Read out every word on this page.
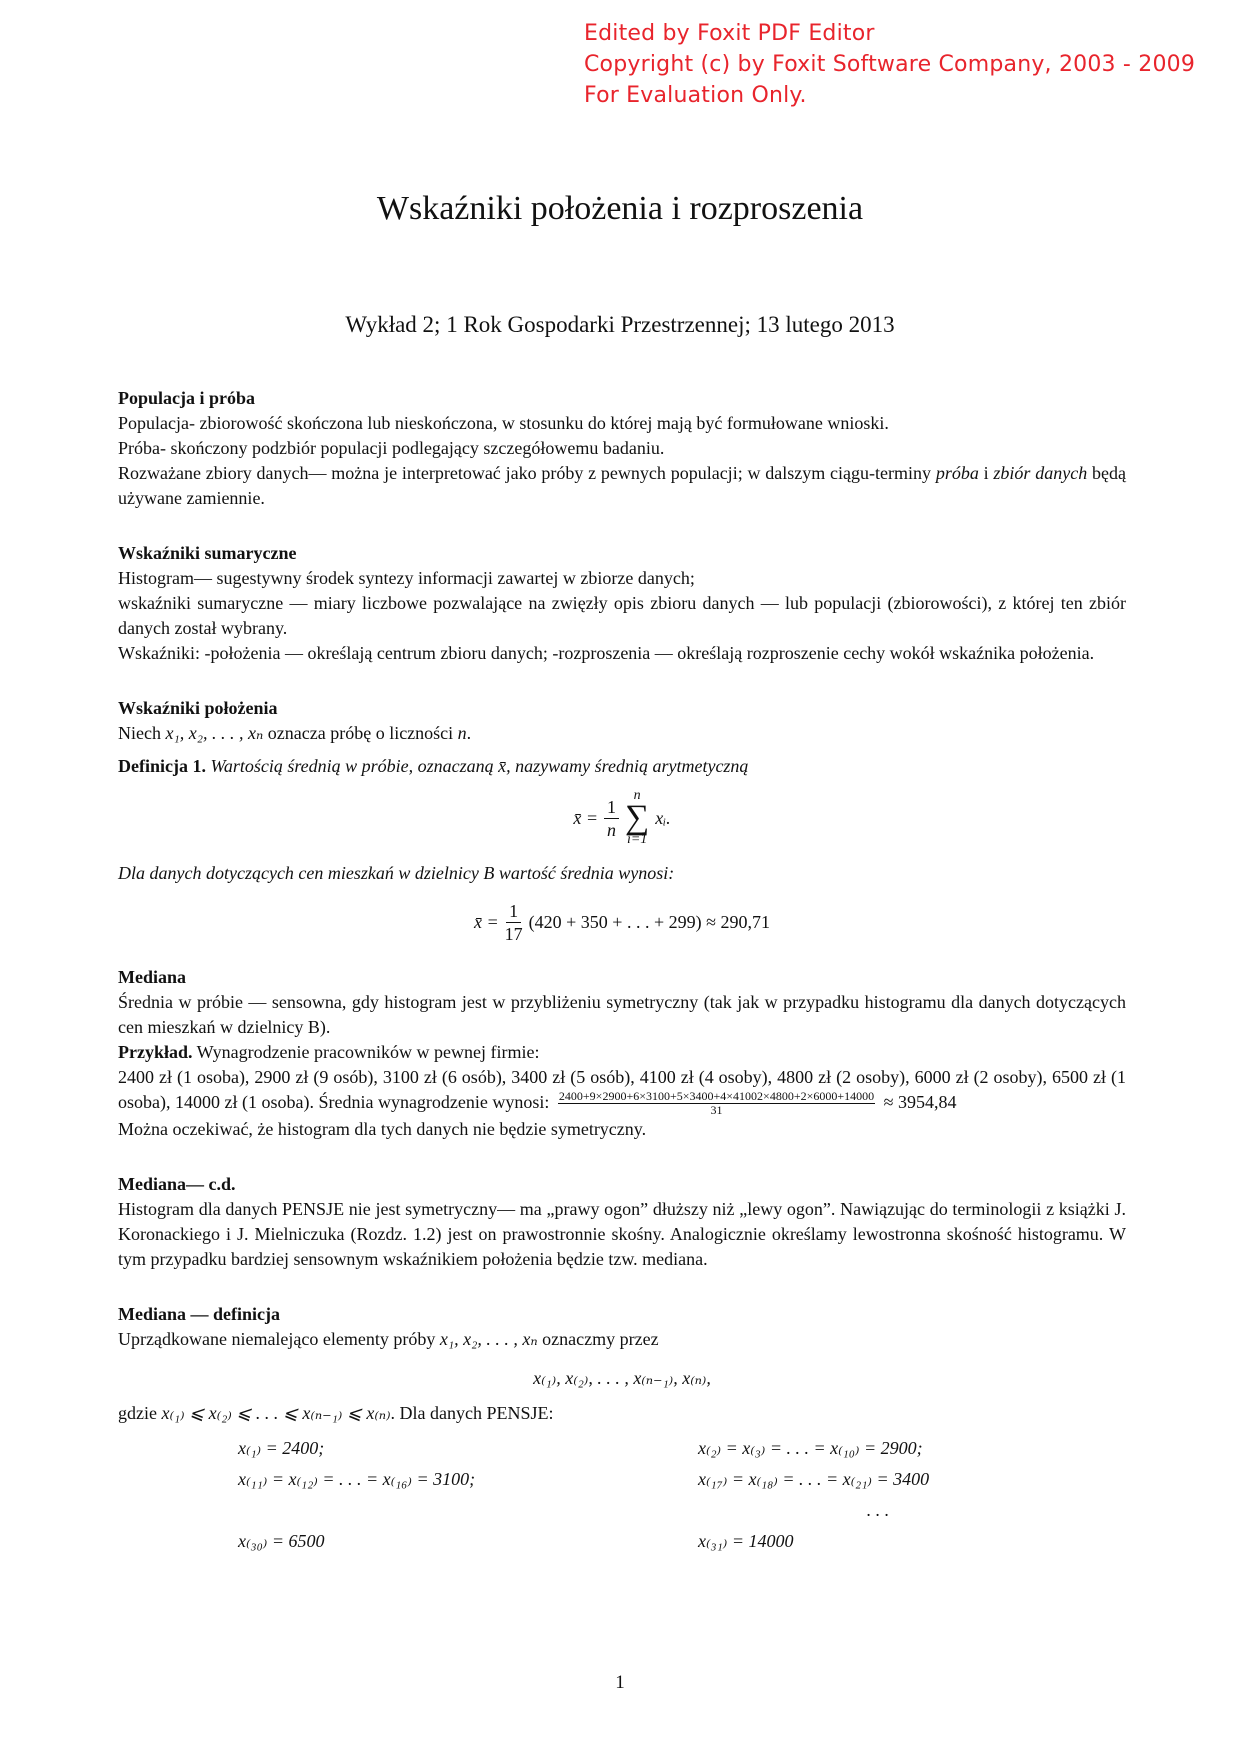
Edited by Foxit PDF Editor
Copyright (c) by Foxit Software Company, 2003 - 2009
For Evaluation Only.
Wskaźniki położenia i rozproszenia
Wykład 2; 1 Rok Gospodarki Przestrzennej; 13 lutego 2013
Populacja i próba

Populacja- zbiorowość skończona lub nieskończona, w stosunku do której mają być formułowane wnioski.

Próba- skończony podzbiór populacji podlegający szczegółowemu badaniu.

Rozważane zbiory danych— można je interpretować jako próby z pewnych populacji; w dalszym ciągu-terminy próba i zbiór danych będą używane zamiennie.

Wskaźniki sumaryczne

Histogram— sugestywny środek syntezy informacji zawartej w zbiorze danych;

wskaźniki sumaryczne — miary liczbowe pozwalające na zwięzły opis zbioru danych — lub populacji (zbiorowości), z której ten zbiór danych został wybrany.

Wskaźniki: -położenia — określają centrum zbioru danych; -rozproszenia — określają rozproszenie cechy wokół wskaźnika położenia.

Wskaźniki położenia

Niech x₁, x₂, . . . , xₙ oznacza próbę o liczności n.

Definicja 1. Wartością średnią w próbie, oznaczaną x̄, nazywamy średnią arytmetyczną

x̄ = $\frac{1}{n}$ n
∑
i=1
xᵢ.

Dla danych dotyczących cen mieszkań w dzielnicy B wartość średnia wynosi:

x̄ = $\frac{1}{17} (420 + 350$ + . . . + 299) ≈ 290,71
Mediana

Średnia w próbie — sensowna, gdy histogram jest w przybliżeniu symetryczny (tak jak w przypadku histogramu dla danych dotyczących cen mieszkań w dzielnicy B).

Przykład. Wynagrodzenie pracowników w pewnej firmie:

2400 zł (1 osoba), 2900 zł (9 osób), 3100 zł (6 osób), 3400 zł (5 osób), 4100 zł (4 osoby), 4800 zł (2 osoby), 6000 zł (2 osoby), 6500 zł (1 osoba), 14000 zł (1 osoba). Średnia wynagrodzenie wynosi: $\frac{2400+9\times 2900+6\times 3100+5\times 3400+4\times 41002\times 4800+2\times 6000+14000}{31} \approx 3954,84$

Można oczekiwać, że histogram dla tych danych nie będzie symetryczny.

Mediana— c.d.

Histogram dla danych PENSJE nie jest symetryczny— ma „prawy ogon” dłuższy niż „lewy ogon”. Nawiązując do terminologii z książki J. Koronackiego i J. Mielniczuka (Rozdz. 1.2) jest on prawostronnie skośny. Analogicznie określamy lewostronna skośność histogramu. W tym przypadku bardziej sensownym wskaźnikiem położenia będzie tzw. mediana.

Mediana — definicja

Uprządkowane niemalejąco elementy próby x₁, x₂, . . . , xₙ oznaczmy przez

x₍₁₎, x₍₂₎, . . . , x₍ₙ₋₁₎, x₍ₙ₎,

gdzie x₍₁₎ ⩽ x₍₂₎ ⩽ . . . ⩽ x₍ₙ₋₁₎ ⩽ x₍ₙ₎. Dla danych PENSJE:

x₍₁₎ = 2400;	x₍₂₎ = x₍₃₎ = . . . = x₍₁₀₎ = 2900;
x₍₁₁₎ = x₍₁₂₎ = . . . = x₍₁₆₎ = 3100;	x₍₁₇₎ = x₍₁₈₎ = . . . = x₍₂₁₎ = 3400
. . .
x₍₃₀₎ = 6500	x₍₃₁₎ = 14000
1
